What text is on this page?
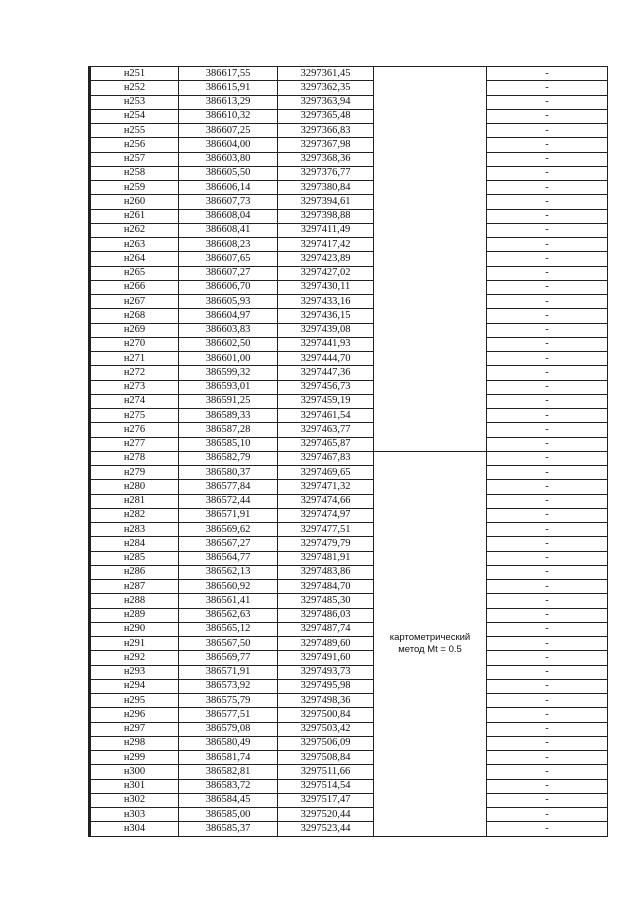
н251	386617,55	3297361,45		-
н252	386615,91	3297362,35		-
н253	386613,29	3297363,94		-
н254	386610,32	3297365,48		-
н255	386607,25	3297366,83		-
н256	386604,00	3297367,98		-
н257	386603,80	3297368,36		-
н258	386605,50	3297376,77		-
н259	386606,14	3297380,84		-
н260	386607,73	3297394,61		-
н261	386608,04	3297398,88		-
н262	386608,41	3297411,49		-
н263	386608,23	3297417,42		-
н264	386607,65	3297423,89		-
н265	386607,27	3297427,02		-
н266	386606,70	3297430,11		-
н267	386605,93	3297433,16		-
н268	386604,97	3297436,15		-
н269	386603,83	3297439,08		-
н270	386602,50	3297441,93		-
н271	386601,00	3297444,70		-
н272	386599,32	3297447,36		-
н273	386593,01	3297456,73		-
н274	386591,25	3297459,19		-
н275	386589,33	3297461,54		-
н276	386587,28	3297463,77		-
н277	386585,10	3297465,87		-
н278	386582,79	3297467,83	картометрический
метод Mt = 0.5	-
н279	386580,37	3297469,65		-
н280	386577,84	3297471,32		-
н281	386572,44	3297474,66		-
н282	386571,91	3297474,97		-
н283	386569,62	3297477,51		-
н284	386567,27	3297479,79		-
н285	386564,77	3297481,91		-
н286	386562,13	3297483,86		-
н287	386560,92	3297484,70		-
н288	386561,41	3297485,30		-
н289	386562,63	3297486,03		-
н290	386565,12	3297487,74		-
н291	386567,50	3297489,60		-
н292	386569,77	3297491,60		-
н293	386571,91	3297493,73		-
н294	386573,92	3297495,98		-
н295	386575,79	3297498,36		-
н296	386577,51	3297500,84		-
н297	386579,08	3297503,42		-
н298	386580,49	3297506,09		-
н299	386581,74	3297508,84		-
н300	386582,81	3297511,66		-
н301	386583,72	3297514,54		-
н302	386584,45	3297517,47		-
н303	386585,00	3297520,44		-
н304	386585,37	3297523,44		-
